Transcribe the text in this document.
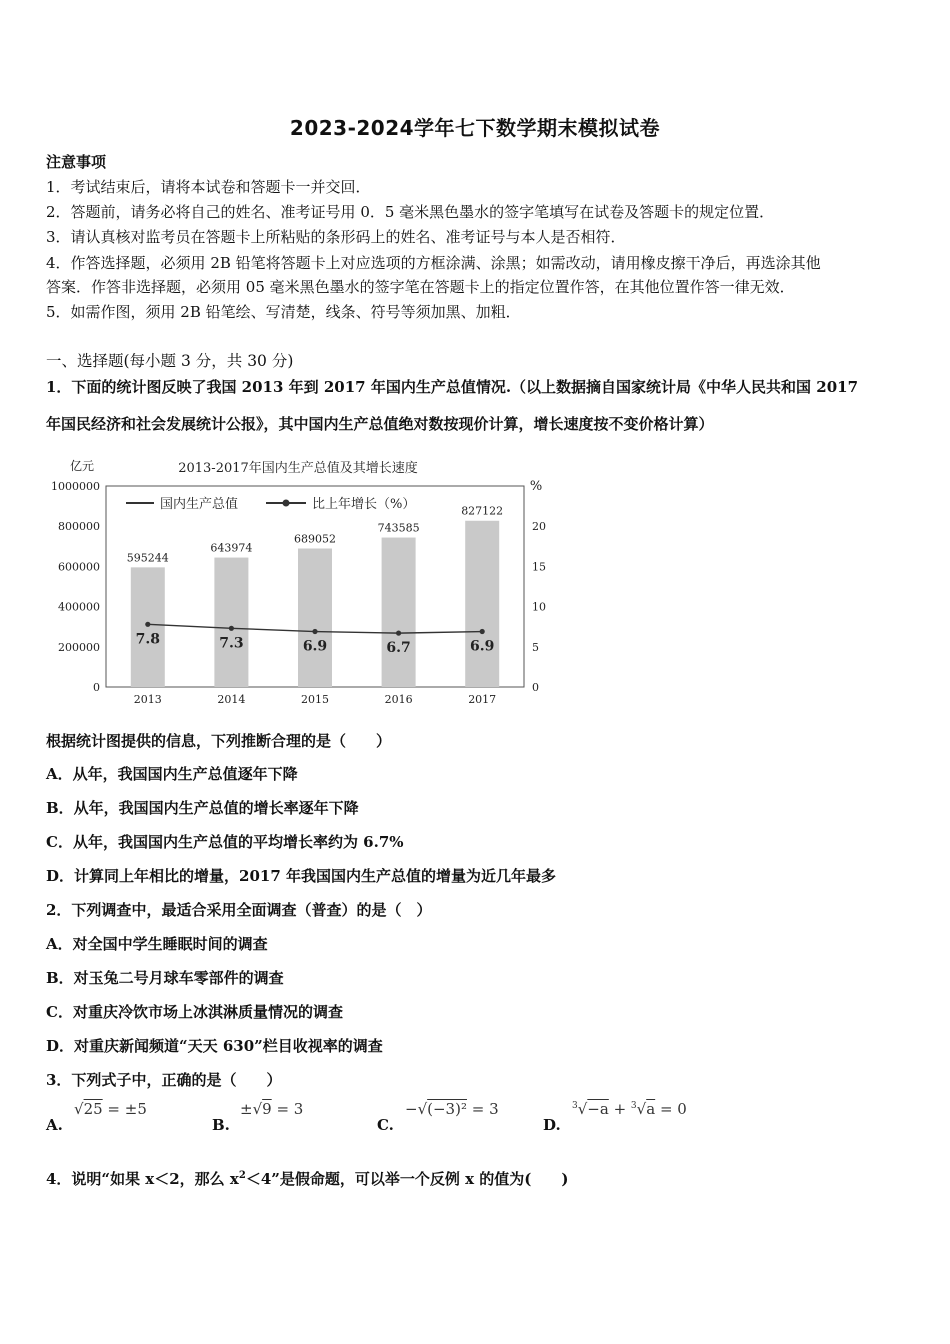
2023-2024学年七下数学期末模拟试卷
注意事项
1．考试结束后，请将本试卷和答题卡一并交回．
2．答题前，请务必将自己的姓名、准考证号用 0．5 毫米黑色墨水的签字笔填写在试卷及答题卡的规定位置．
3．请认真核对监考员在答题卡上所粘贴的条形码上的姓名、准考证号与本人是否相符．
4．作答选择题，必须用 2B 铅笔将答题卡上对应选项的方框涂满、涂黑；如需改动，请用橡皮擦干净后，再选涂其他
答案．作答非选择题，必须用 05 毫米黑色墨水的签字笔在答题卡上的指定位置作答，在其他位置作答一律无效．
5．如需作图，须用 2B 铅笔绘、写清楚，线条、符号等须加黑、加粗．
一、选择题(每小题 3 分，共 30 分)
1．下面的统计图反映了我国 2013 年到 2017 年国内生产总值情况.（以上数据摘自国家统计局《中华人民共和国 2017
年国民经济和社会发展统计公报》，其中国内生产总值绝对数按现价计算，增长速度按不变价格计算）
2013-2017年国内生产总值及其增长速度
亿元
%
595244
643974
689052
743585
827122
7.8	7.3	6.9	6.7	6.9
0
200000
400000
600000
800000
1000000
0
5
10
15
20
2013	2014	2015	2016	2017
国内生产总值	比上年增长（%）
根据统计图提供的信息，下列推断合理的是（　　）
A．从年，我国国内生产总值逐年下降
B．从年，我国国内生产总值的增长率逐年下降
C．从年，我国国内生产总值的平均增长率约为 6.7%
D．计算同上年相比的增量，2017 年我国国内生产总值的增量为近几年最多
2．下列调查中，最适合采用全面调查（普查）的是（　）
A．对全国中学生睡眠时间的调查
B．对玉兔二号月球车零部件的调查
C．对重庆冷饮市场上冰淇淋质量情况的调查
D．对重庆新闻频道“天天 630”栏目收视率的调查
3．下列式子中，正确的是（　　）
A.
√25 = ±5
B.
±√9 = 3
C.
−√(−3)² = 3
D.
$^3$√−a + $^3$√a = 0
4．说明“如果 x＜2，那么 $x^2<4$”是假命题，可以举一个反例 x 的值为(　　)
